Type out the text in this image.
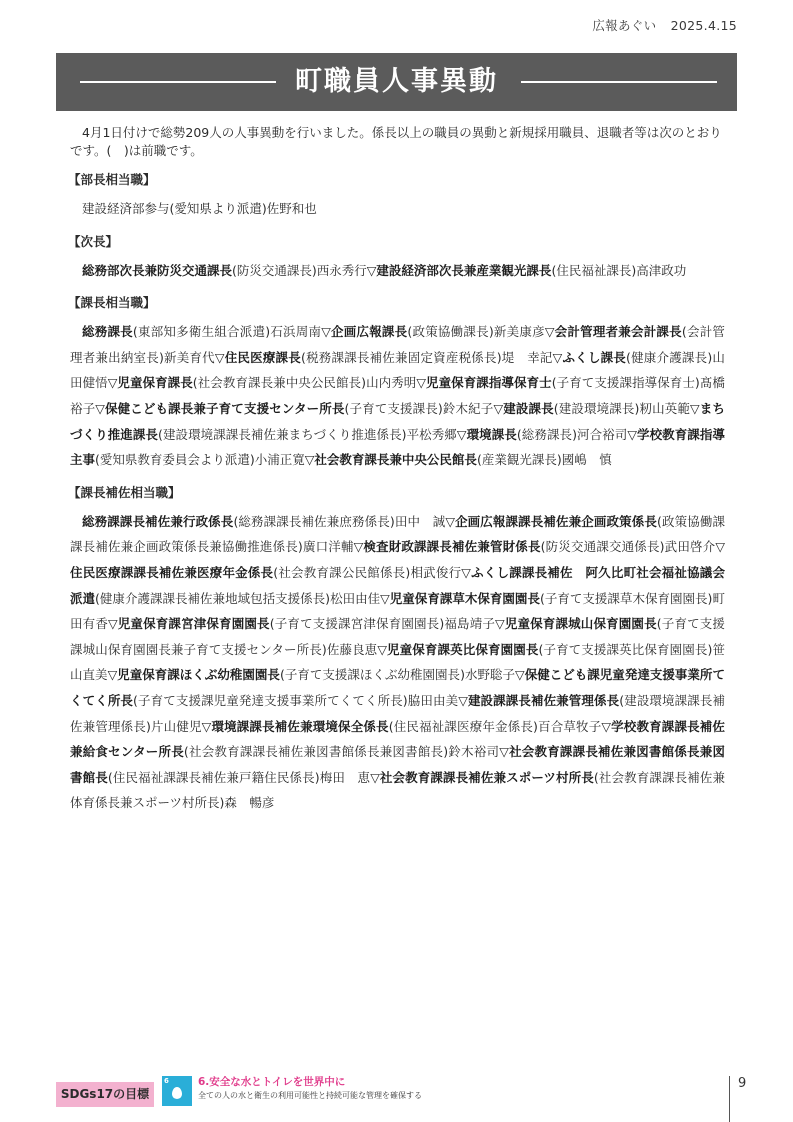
広報あぐい 2025.4.15
町職員人事異動

4月1日付けで総勢209人の人事異動を行いました。係長以上の職員の異動と新規採用職員、退職者等は次のとおりです。(　)は前職です。

【部長相当職】

建設経済部参与(愛知県より派遣)佐野和也

【次長】

総務部次長兼防災交通課長(防災交通課長)西永秀行▽建設経済部次長兼産業観光課長(住民福祉課長)高津政功

【課長相当職】

総務課長(東部知多衛生組合派遣)石浜周南▽企画広報課長(政策協働課長)新美康彦▽会計管理者兼会計課長(会計管理者兼出納室長)新美育代▽住民医療課長(税務課課長補佐兼固定資産税係長)堤　幸記▽ふくし課長(健康介護課長)山田健悟▽児童保育課長(社会教育課長兼中央公民館長)山内秀明▽児童保育課指導保育士(子育て支援課指導保育士)髙橋裕子▽保健こども課長兼子育て支援センター所長(子育て支援課長)鈴木紀子▽建設課長(建設環境課長)籾山英範▽まちづくり推進課長(建設環境課課長補佐兼まちづくり推進係長)平松秀郷▽環境課長(総務課長)河合裕司▽学校教育課指導主事(愛知県教育委員会より派遣)小浦正寛▽社会教育課長兼中央公民館長(産業観光課長)國嶋　慎

【課長補佐相当職】

総務課課長補佐兼行政係長(総務課課長補佐兼庶務係長)田中　誠▽企画広報課課長補佐兼企画政策係長(政策協働課課長補佐兼企画政策係長兼協働推進係長)廣口洋輔▽検査財政課課長補佐兼管財係長(防災交通課交通係長)武田啓介▽住民医療課課長補佐兼医療年金係長(社会教育課公民館係長)相武俊行▽ふくし課課長補佐　阿久比町社会福祉協議会派遣(健康介護課課長補佐兼地域包括支援係長)松田由佳▽児童保育課草木保育園園長(子育て支援課草木保育園園長)町田有香▽児童保育課宮津保育園園長(子育て支援課宮津保育園園長)福島靖子▽児童保育課城山保育園園長(子育て支援課城山保育園園長兼子育て支援センター所長)佐藤良恵▽児童保育課英比保育園園長(子育て支援課英比保育園園長)笹山直美▽児童保育課ほくぶ幼稚園園長(子育て支援課ほくぶ幼稚園園長)水野聡子▽保健こども課児童発達支援事業所てくてく所長(子育て支援課児童発達支援事業所てくてく所長)脇田由美▽建設課課長補佐兼管理係長(建設環境課課長補佐兼管理係長)片山健児▽環境課課長補佐兼環境保全係長(住民福祉課医療年金係長)百合草牧子▽学校教育課課長補佐兼給食センター所長(社会教育課課長補佐兼図書館係長兼図書館長)鈴木裕司▽社会教育課課長補佐兼図書館係長兼図書館長(住民福祉課課長補佐兼戸籍住民係長)梅田　恵▽社会教育課課長補佐兼スポーツ村所長(社会教育課課長補佐兼体育係長兼スポーツ村所長)森　暢彦

SDGs17の目標
6	6.安全な水とトイレを世界中に
全ての人の水と衛生の利用可能性と持続可能な管理を確保する
9
